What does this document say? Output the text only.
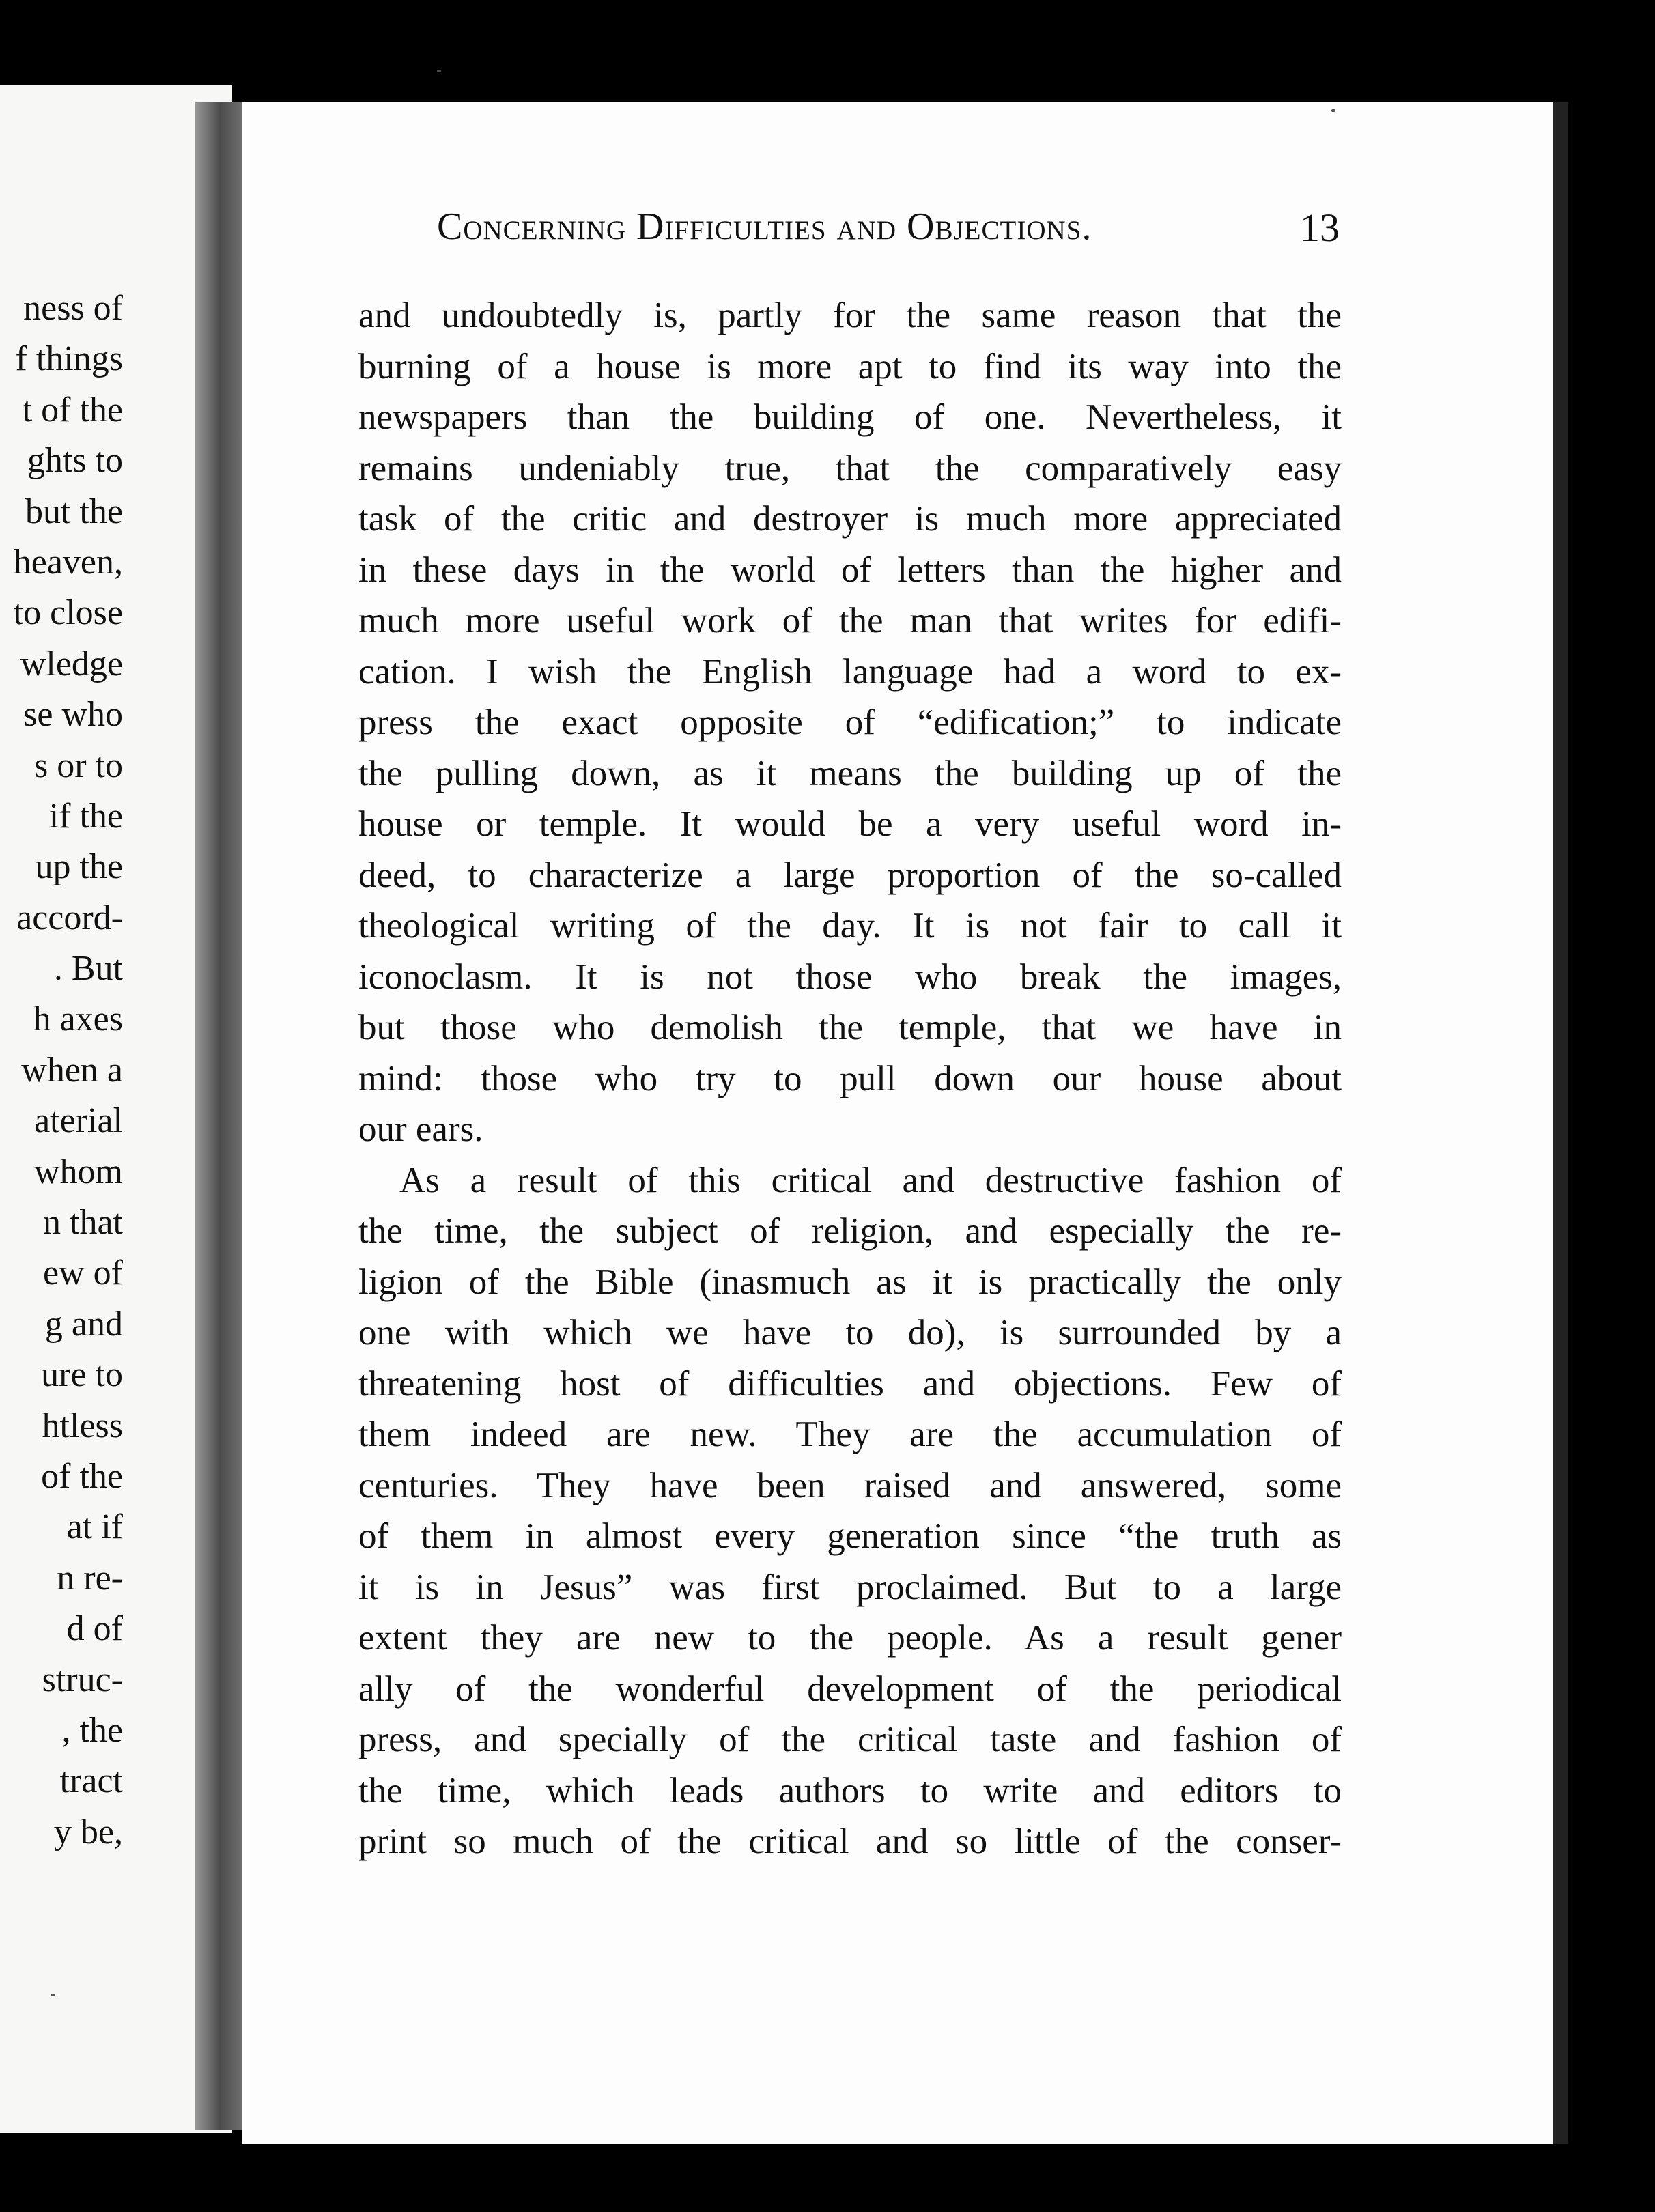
ness of
f things
t of the
ghts to
but the
heaven,
to close
wledge
se who
s or to
if the
up the
accord-
. But
h axes
when a
aterial
whom
n that
ew of
g and
ure to
htless
of the
at if
n re-
d of
struc-
, the
tract
y be,
Concerning Difficulties and Objections.	13
and undoubtedly is, partly for the same reason that the
burning of a house is more apt to find its way into the
newspapers than the building of one. Nevertheless, it
remains undeniably true, that the comparatively easy
task of the critic and destroyer is much more appreciated
in these days in the world of letters than the higher and
much more useful work of the man that writes for edifi-
cation. I wish the English language had a word to ex-
press the exact opposite of “edification;” to indicate
the pulling down, as it means the building up of the
house or temple. It would be a very useful word in-
deed, to characterize a large proportion of the so-called
theological writing of the day. It is not fair to call it
iconoclasm. It is not those who break the images,
but those who demolish the temple, that we have in
mind: those who try to pull down our house about
our ears.
As a result of this critical and destructive fashion of
the time, the subject of religion, and especially the re-
ligion of the Bible (inasmuch as it is practically the only
one with which we have to do), is surrounded by a
threatening host of difficulties and objections. Few of
them indeed are new. They are the accumulation of
centuries. They have been raised and answered, some
of them in almost every generation since “the truth as
it is in Jesus” was first proclaimed. But to a large
extent they are new to the people. As a result gener
ally of the wonderful development of the periodical
press, and specially of the critical taste and fashion of
the time, which leads authors to write and editors to
print so much of the critical and so little of the conser-
